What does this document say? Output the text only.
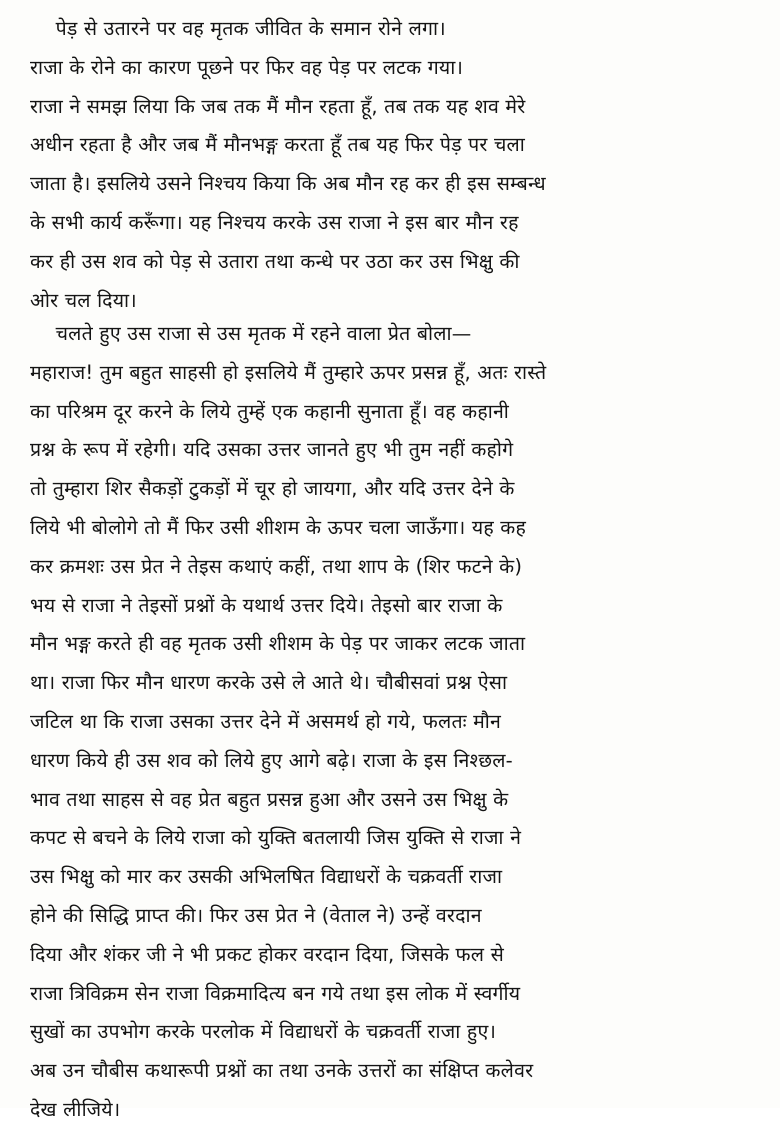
पेड़ से उतारने पर वह मृतक जीवित के समान रोने लगा।
राजा के रोने का कारण पूछने पर फिर वह पेड़ पर लटक गया।
राजा ने समझ लिया कि जब तक मैं मौन रहता हूँ, तब तक यह शव मेरे
अधीन रहता है और जब मैं मौनभङ्ग करता हूँ तब यह फिर पेड़ पर चला
जाता है। इसलिये उसने निश्चय किया कि अब मौन रह कर ही इस सम्बन्ध
के सभी कार्य करूँगा। यह निश्चय करके उस राजा ने इस बार मौन रह
कर ही उस शव को पेड़ से उतारा तथा कन्धे पर उठा कर उस भिक्षु की
ओर चल दिया।
चलते हुए उस राजा से उस मृतक में रहने वाला प्रेत बोला—
महाराज! तुम बहुत साहसी हो इसलिये मैं तुम्हारे ऊपर प्रसन्न हूँ, अतः रास्ते
का परिश्रम दूर करने के लिये तुम्हें एक कहानी सुनाता हूँ। वह कहानी
प्रश्न के रूप में रहेगी। यदि उसका उत्तर जानते हुए भी तुम नहीं कहोगे
तो तुम्हारा शिर सैकड़ों टुकड़ों में चूर हो जायगा, और यदि उत्तर देने के
लिये भी बोलोगे तो मैं फिर उसी शीशम के ऊपर चला जाऊँगा। यह कह
कर क्रमशः उस प्रेत ने तेइस कथाएं कहीं, तथा शाप के (शिर फटने के)
भय से राजा ने तेइसों प्रश्नों के यथार्थ उत्तर दिये। तेइसो बार राजा के
मौन भङ्ग करते ही वह मृतक उसी शीशम के पेड़ पर जाकर लटक जाता
था। राजा फिर मौन धारण करके उसे ले आते थे। चौबीसवां प्रश्न ऐसा
जटिल था कि राजा उसका उत्तर देने में असमर्थ हो गये, फलतः मौन
धारण किये ही उस शव को लिये हुए आगे बढ़े। राजा के इस निश्छल-
भाव तथा साहस से वह प्रेत बहुत प्रसन्न हुआ और उसने उस भिक्षु के
कपट से बचने के लिये राजा को युक्ति बतलायी जिस युक्ति से राजा ने
उस भिक्षु को मार कर उसकी अभिलषित विद्याधरों के चक्रवर्ती राजा
होने की सिद्धि प्राप्त की। फिर उस प्रेत ने (वेताल ने) उन्हें वरदान
दिया और शंकर जी ने भी प्रकट होकर वरदान दिया, जिसके फल से
राजा त्रिविक्रम सेन राजा विक्रमादित्य बन गये तथा इस लोक में स्वर्गीय
सुखों का उपभोग करके परलोक में विद्याधरों के चक्रवर्ती राजा हुए।
अब उन चौबीस कथारूपी प्रश्नों का तथा उनके उत्तरों का संक्षिप्त कलेवर
देख लीजिये।
